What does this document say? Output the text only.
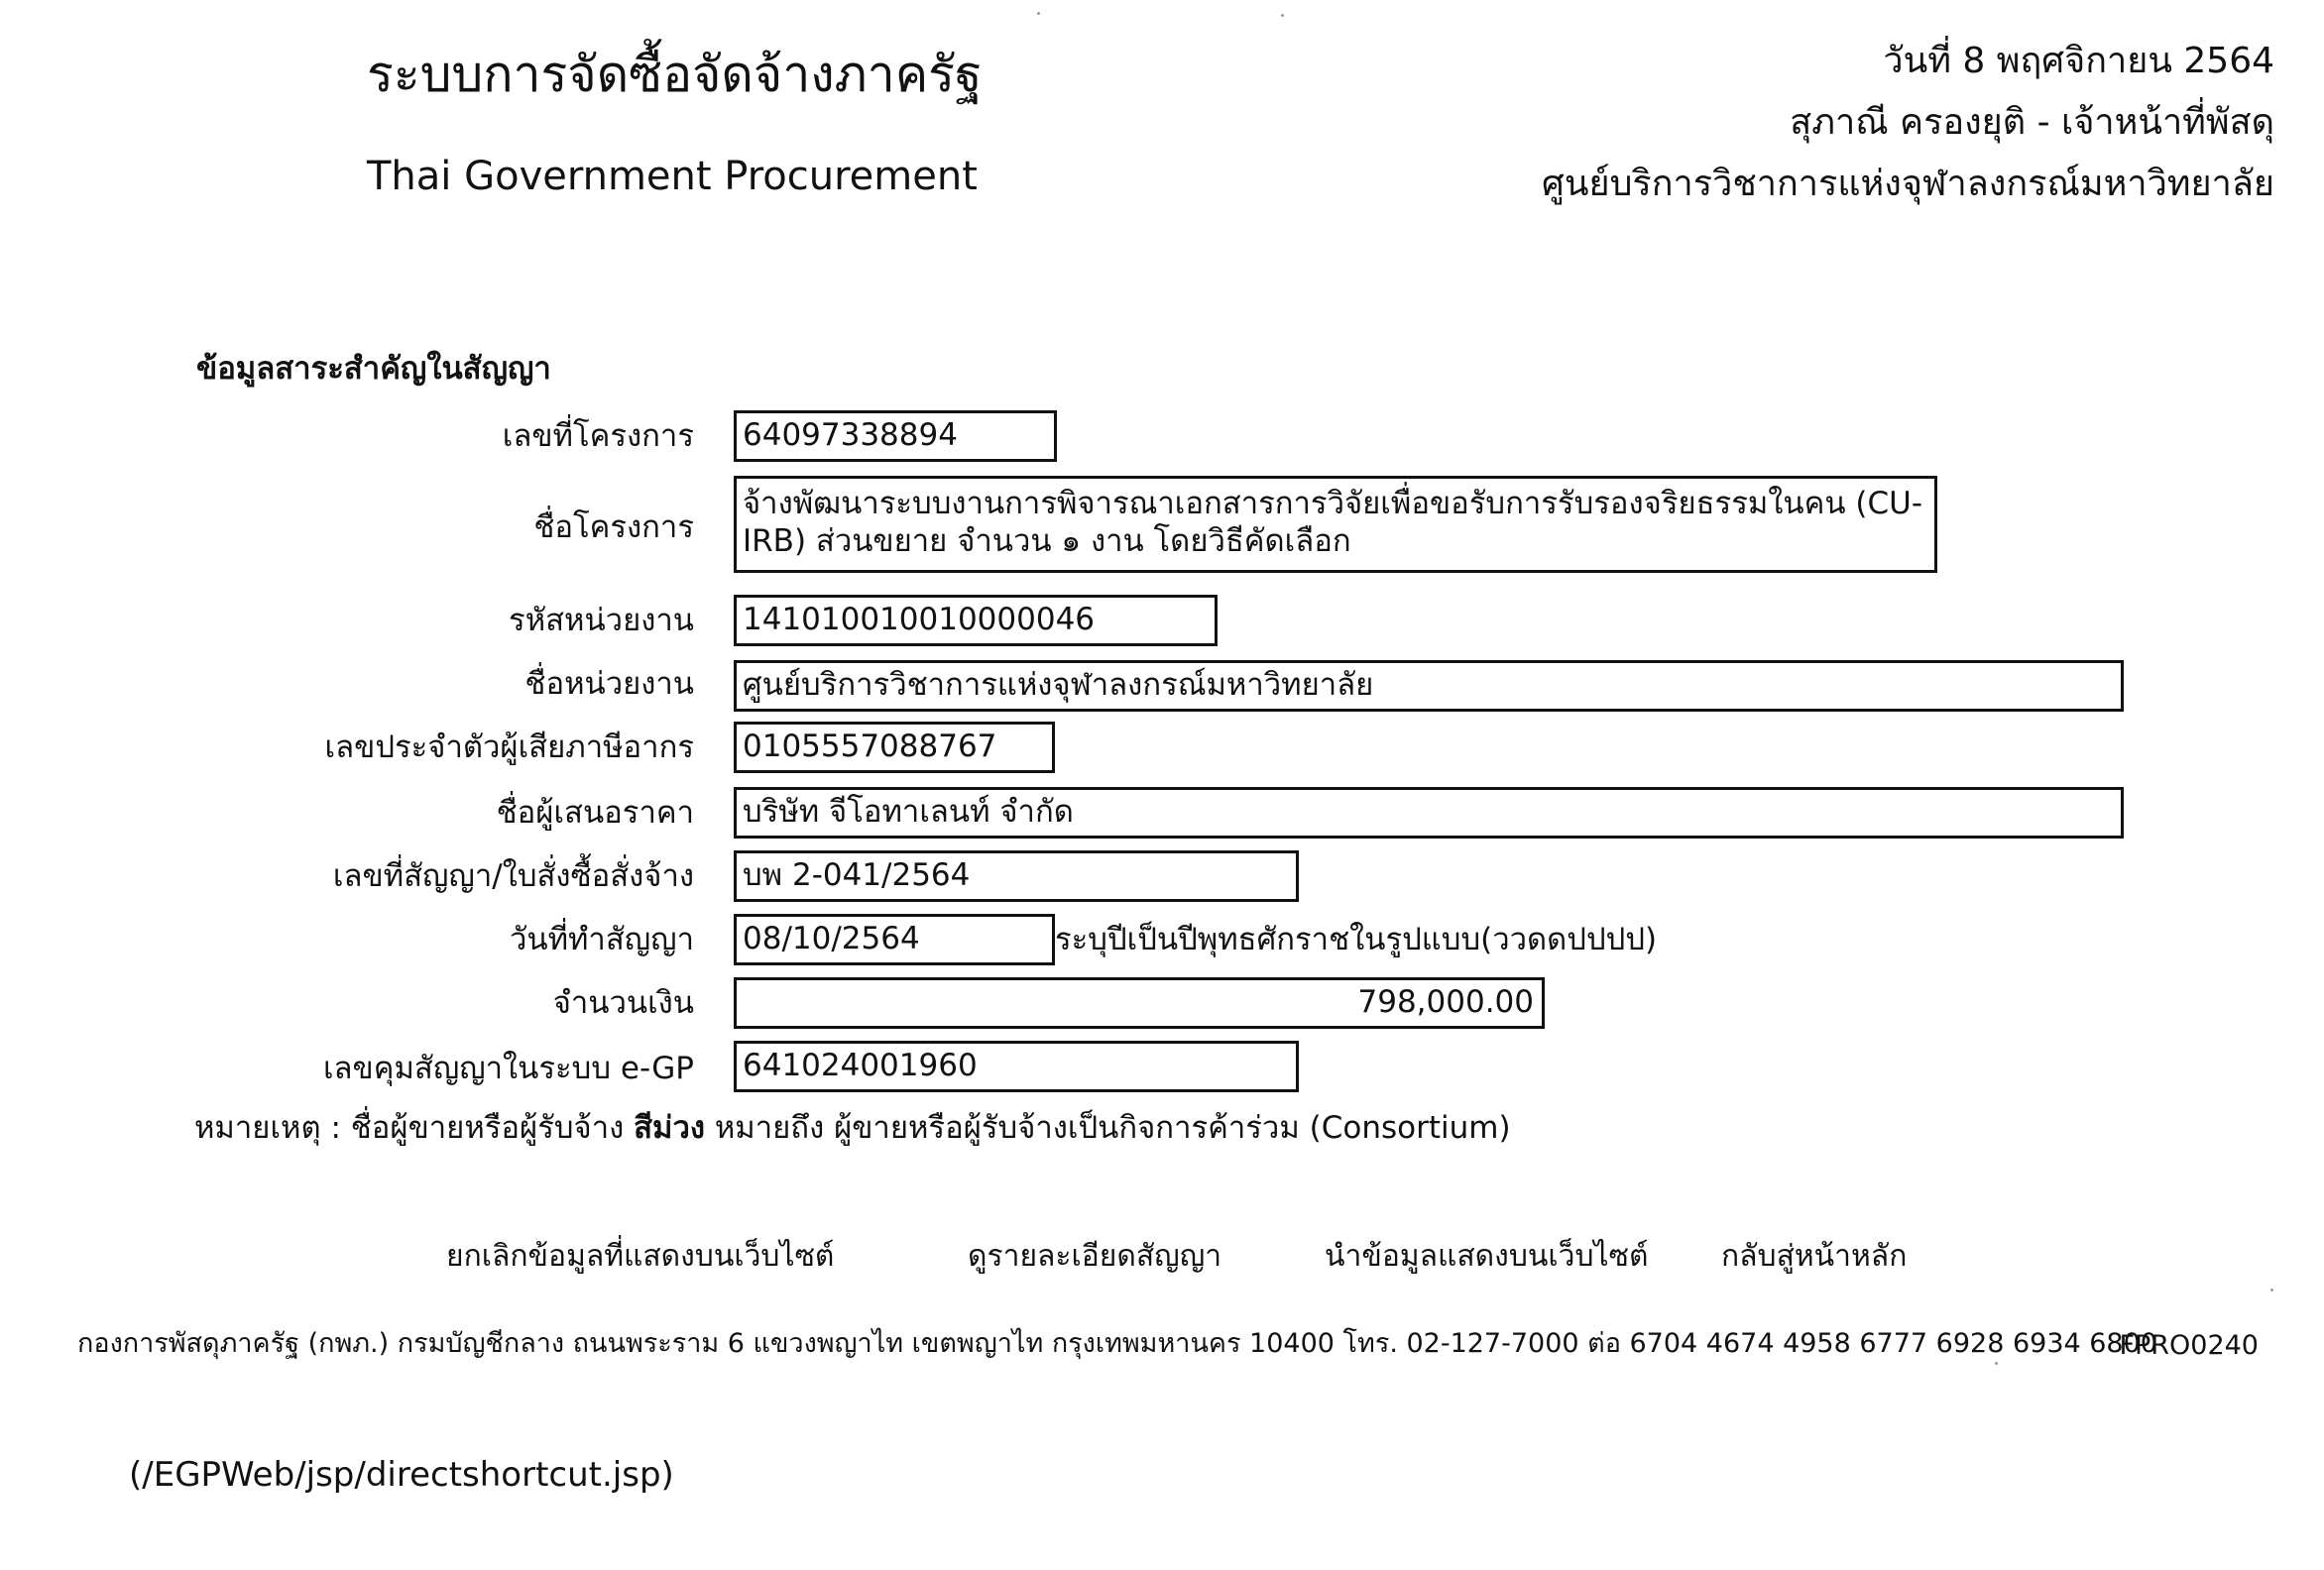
ระบบการจัดซื้อจัดจ้างภาครัฐ
Thai Government Procurement
วันที่ 8 พฤศจิกายน 2564
สุภาณี ครองยุติ - เจ้าหน้าที่พัสดุ
ศูนย์บริการวิชาการแห่งจุฬาลงกรณ์มหาวิทยาลัย
ข้อมูลสาระสำคัญในสัญญา
เลขที่โครงการ 64097338894
ชื่อโครงการ
จ้างพัฒนาระบบงานการพิจารณาเอกสารการวิจัยเพื่อขอรับการรับรองจริยธรรมในคน (CU-IRB) ส่วนขยาย จำนวน ๑ งาน โดยวิธีคัดเลือก
รหัสหน่วยงาน 141010010010000046
ชื่อหน่วยงาน ศูนย์บริการวิชาการแห่งจุฬาลงกรณ์มหาวิทยาลัย
เลขประจำตัวผู้เสียภาษีอากร 0105557088767
ชื่อผู้เสนอราคา บริษัท จีโอทาเลนท์ จำกัด
เลขที่สัญญา/ใบสั่งซื้อสั่งจ้าง บพ 2-041/2564
วันที่ทำสัญญา 08/10/2564	ระบุปีเป็นปีพุทธศักราชในรูปแบบ(ววดดปปปป)
จำนวนเงิน	798,000.00
เลขคุมสัญญาในระบบ e-GP 641024001960
หมายเหตุ : ชื่อผู้ขายหรือผู้รับจ้าง สีม่วง หมายถึง ผู้ขายหรือผู้รับจ้างเป็นกิจการค้าร่วม (Consortium)
ยกเลิกข้อมูลที่แสดงบนเว็บไซต์	ดูรายละเอียดสัญญา	นำข้อมูลแสดงบนเว็บไซต์ กลับสู่หน้าหลัก
กองการพัสดุภาครัฐ (กพภ.) กรมบัญชีกลาง ถนนพระราม 6 แขวงพญาไท เขตพญาไท กรุงเทพมหานคร 10400 โทร. 02-127-7000 ต่อ 6704 4674 4958 6777 6928 6934 6800
FPRO0240
(/EGPWeb/jsp/directshortcut.jsp)
